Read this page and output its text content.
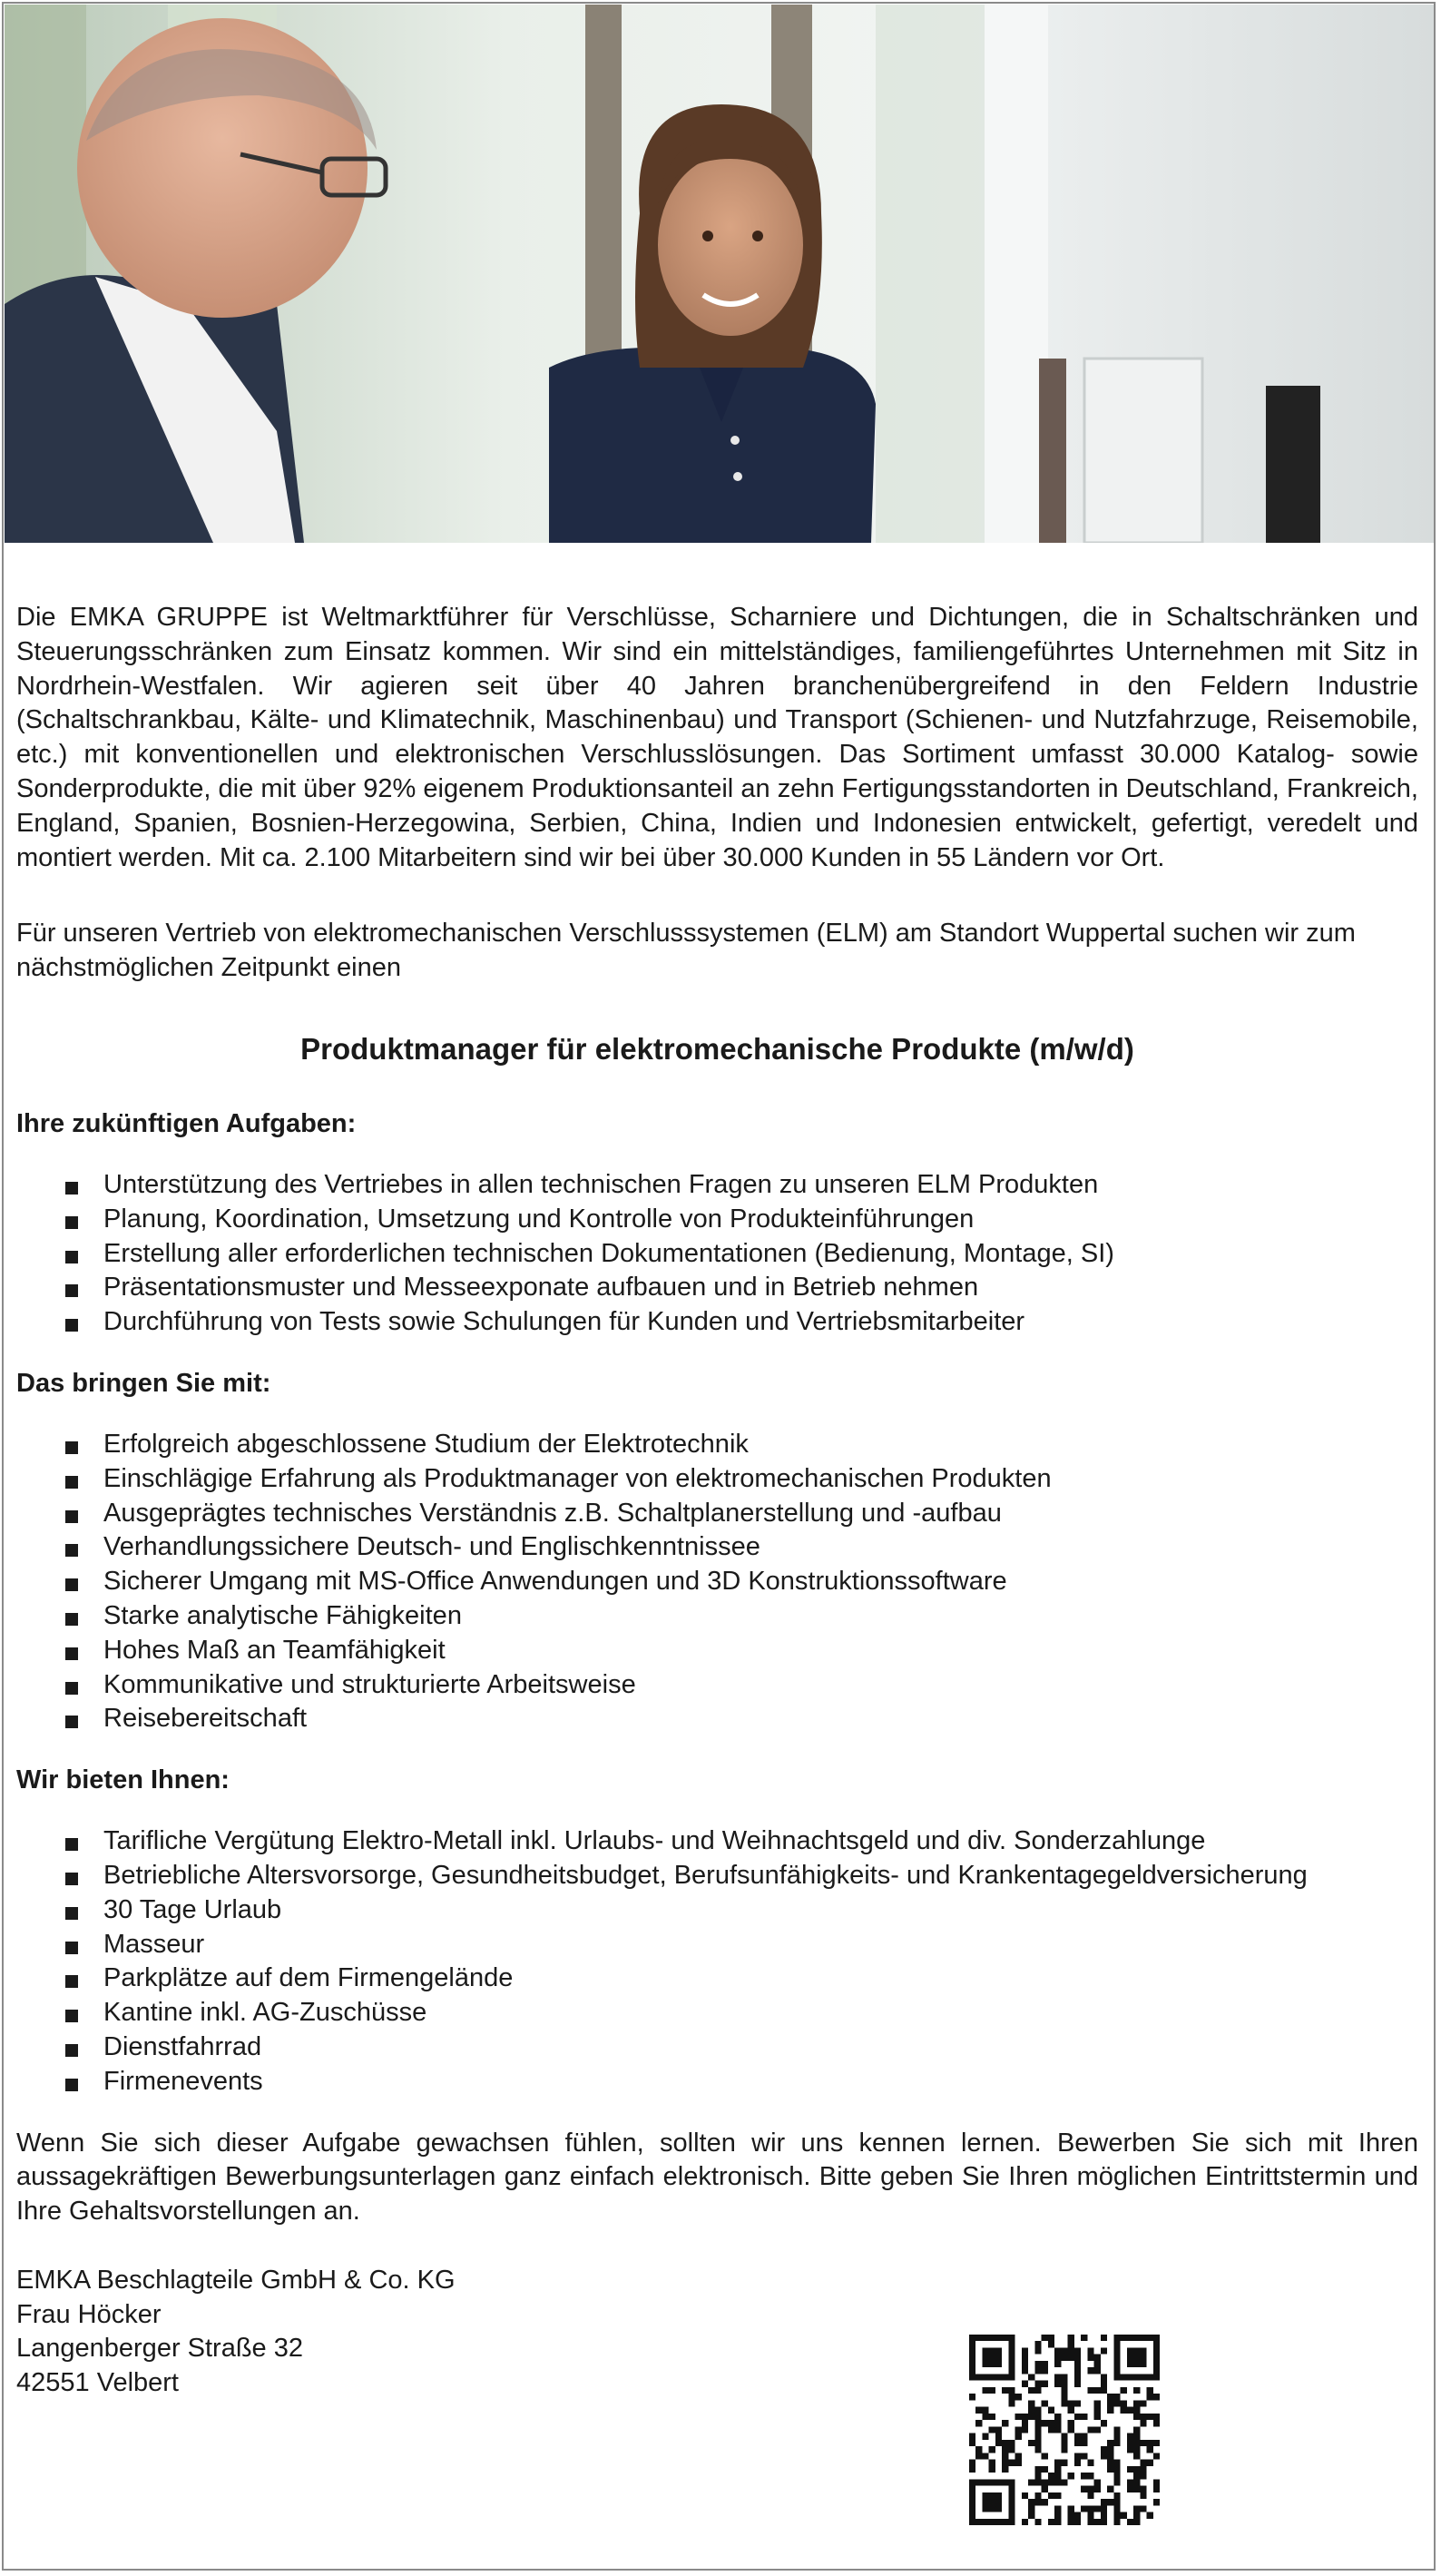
Die EMKA GRUPPE ist Weltmarktführer für Verschlüsse, Scharniere und Dichtungen, die in Schaltschränken und Steuerungsschränken zum Einsatz kommen. Wir sind ein mittelständiges, familiengeführtes Unternehmen mit Sitz in Nordrhein-Westfalen. Wir agieren seit über 40 Jahren branchenübergreifend in den Feldern Industrie (Schaltschrankbau, Kälte- und Klimatechnik, Maschinenbau) und Transport (Schienen- und Nutzfahrzuge, Reisemobile, etc.) mit konventionellen und elektronischen Verschlusslösungen. Das Sortiment umfasst 30.000 Katalog- sowie Sonderprodukte, die mit über 92% eigenem Produktionsanteil an zehn Fertigungsstandorten in Deutschland, Frankreich, England, Spanien, Bosnien-Herzegowina, Serbien, China, Indien und Indonesien entwickelt, gefertigt, veredelt und montiert werden. Mit ca. 2.100 Mitarbeitern sind wir bei über 30.000 Kunden in 55 Ländern vor Ort.

Für unseren Vertrieb von elektromechanischen Verschlusssystemen (ELM) am Standort Wuppertal suchen wir zum nächstmöglichen Zeitpunkt einen

Produktmanager für elektromechanische Produkte (m/w/d)
Ihre zukünftigen Aufgaben:
Unterstützung des Vertriebes in allen technischen Fragen zu unseren ELM Produkten
Planung, Koordination, Umsetzung und Kontrolle von Produkteinführungen
Erstellung aller erforderlichen technischen Dokumentationen (Bedienung, Montage, SI)
Präsentationsmuster und Messeexponate aufbauen und in Betrieb nehmen
Durchführung von Tests sowie Schulungen für Kunden und Vertriebsmitarbeiter
Das bringen Sie mit:
Erfolgreich abgeschlossene Studium der Elektrotechnik
Einschlägige Erfahrung als Produktmanager von elektromechanischen Produkten
Ausgeprägtes technisches Verständnis z.B. Schaltplanerstellung und -aufbau
Verhandlungssichere Deutsch- und Englischkenntnissee
Sicherer Umgang mit MS-Office Anwendungen und 3D Konstruktionssoftware
Starke analytische Fähigkeiten
Hohes Maß an Teamfähigkeit
Kommunikative und strukturierte Arbeitsweise
Reisebereitschaft
Wir bieten Ihnen:
Tarifliche Vergütung Elektro-Metall inkl. Urlaubs- und Weihnachtsgeld und div. Sonderzahlunge
Betriebliche Altersvorsorge, Gesundheitsbudget, Berufsunfähigkeits- und Krankentagegeldversicherung
30 Tage Urlaub
Masseur
Parkplätze auf dem Firmengelände
Kantine inkl. AG-Zuschüsse
Dienstfahrrad
Firmenevents

Wenn Sie sich dieser Aufgabe gewachsen fühlen, sollten wir uns kennen lernen. Bewerben Sie sich mit Ihren aussagekräftigen Bewerbungsunterlagen ganz einfach elektronisch. Bitte geben Sie Ihren möglichen Eintrittstermin und Ihre Gehaltsvorstellungen an.

EMKA Beschlagteile GmbH & Co. KG
Frau Höcker
Langenberger Straße 32
42551 Velbert
